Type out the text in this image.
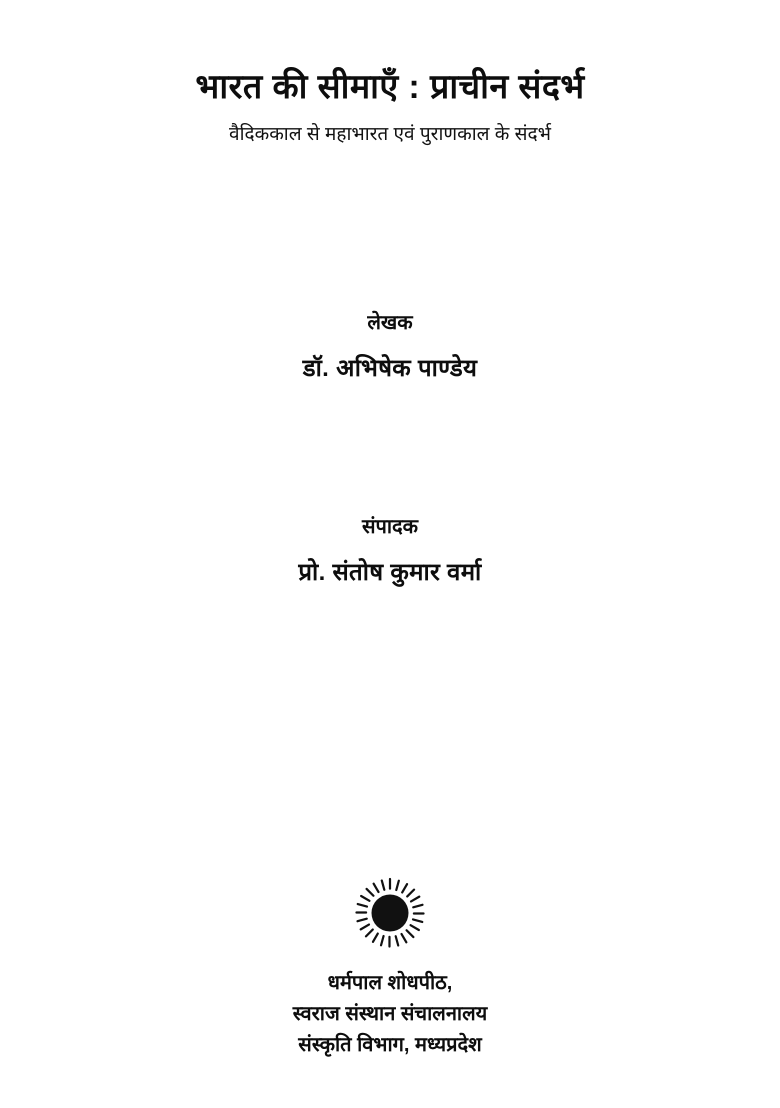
भारत की सीमाएँ : प्राचीन संदर्भ

वैदिककाल से महाभारत एवं पुराणकाल के संदर्भ

लेखक

डॉ. अभिषेक पाण्डेय

संपादक

प्रो. संतोष कुमार वर्मा

धर्मपाल शोधपीठ,

स्वराज संस्थान संचालनालय

संस्कृति विभाग, मध्यप्रदेश
